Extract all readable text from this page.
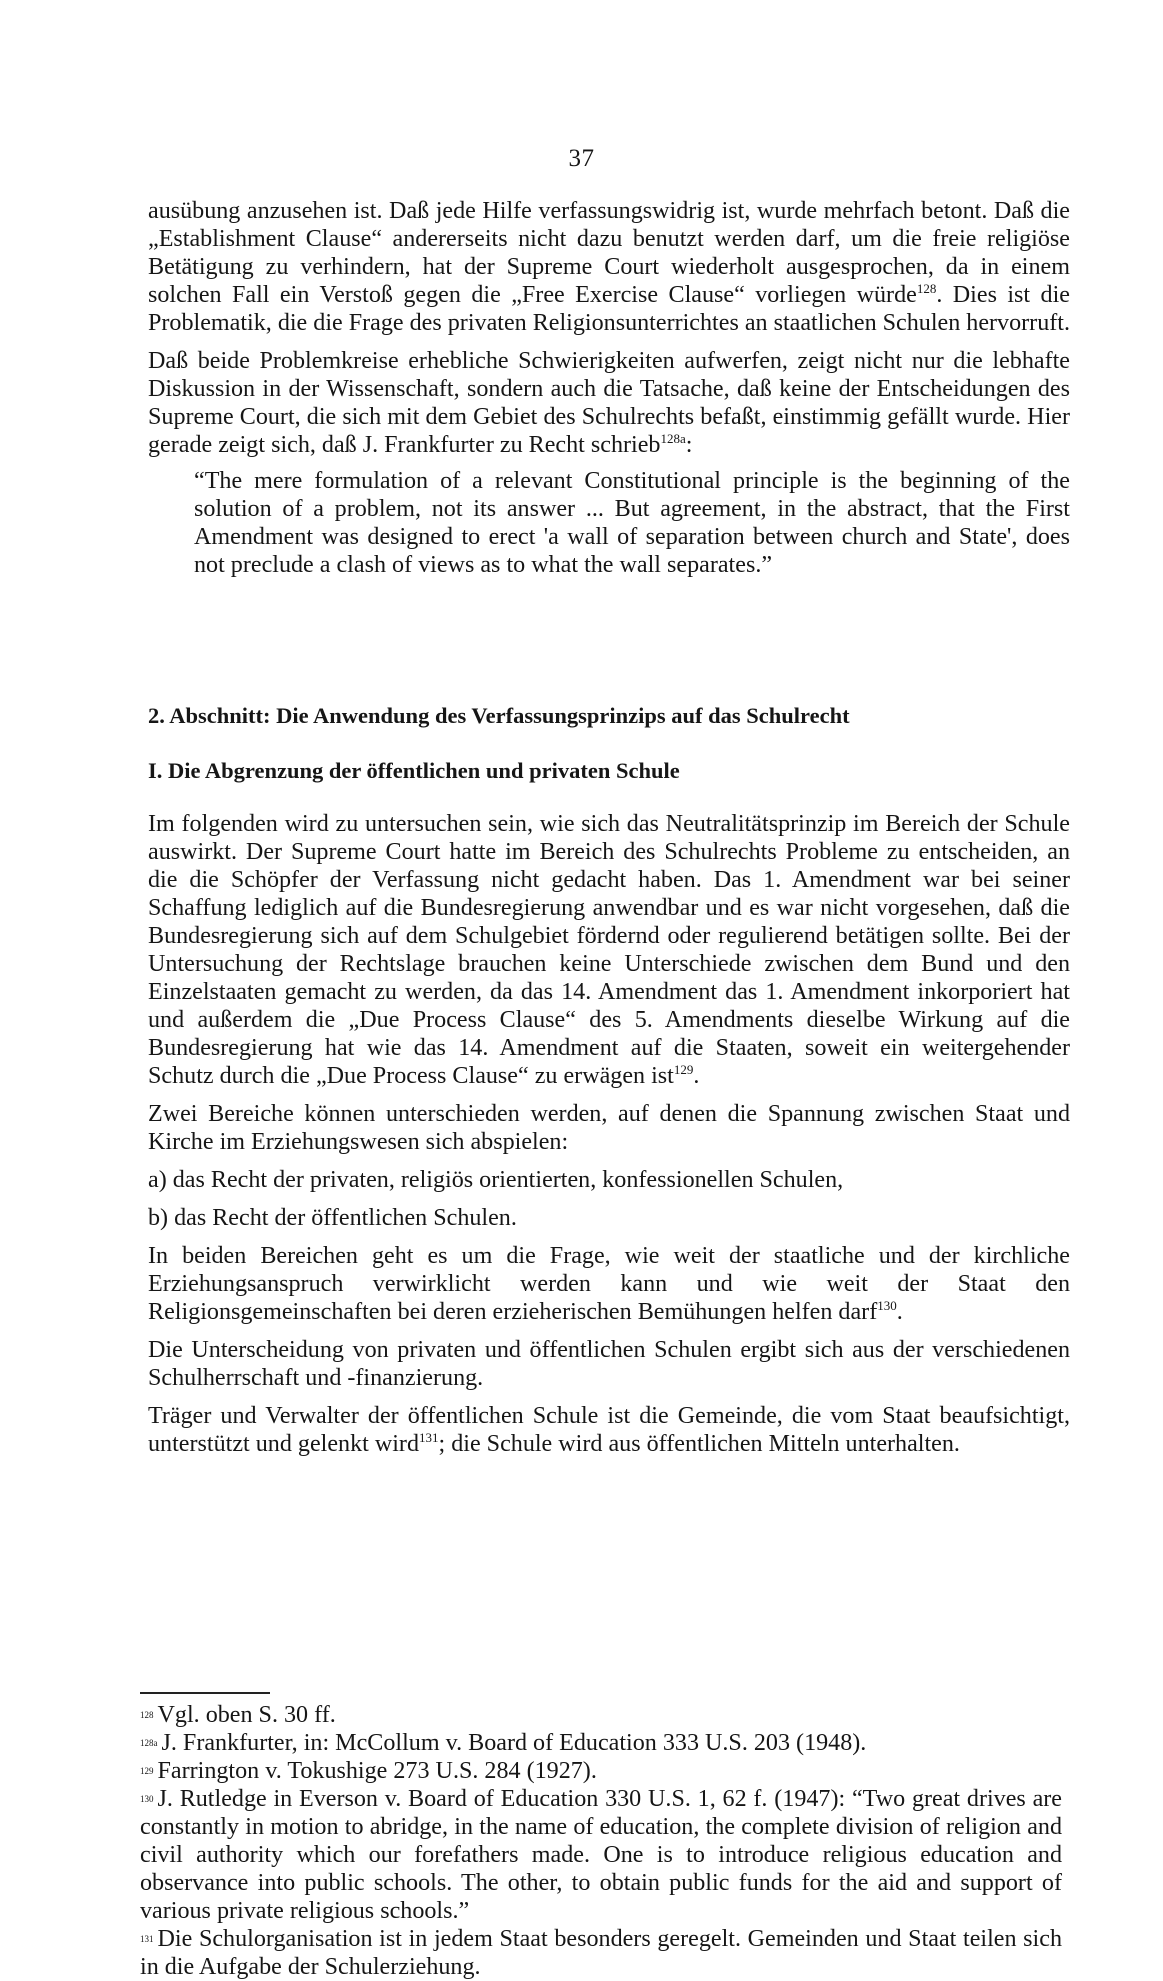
37

ausübung anzusehen ist. Daß jede Hilfe verfassungswidrig ist, wurde mehrfach betont. Daß die „Establishment Clause“ andererseits nicht dazu benutzt werden darf, um die freie religiöse Betätigung zu verhindern, hat der Supreme Court wiederholt ausgesprochen, da in einem solchen Fall ein Verstoß gegen die „Free Exercise Clause“ vorliegen würde$^{128}$. Dies ist die Problematik, die die Frage des privaten Religionsunterrichtes an staatlichen Schulen hervorruft.

Daß beide Problemkreise erhebliche Schwierigkeiten aufwerfen, zeigt nicht nur die lebhafte Diskussion in der Wissenschaft, sondern auch die Tatsache, daß keine der Entscheidungen des Supreme Court, die sich mit dem Gebiet des Schulrechts befaßt, einstimmig gefällt wurde. Hier gerade zeigt sich, daß J. Frankfurter zu Recht schrieb$^{128a}$:

“The mere formulation of a relevant Constitutional principle is the beginning of the solution of a problem, not its answer ... But agreement, in the abstract, that the First Amendment was designed to erect 'a wall of separation between church and State', does not preclude a clash of views as to what the wall separates.”
2. Abschnitt: Die Anwendung des Verfassungsprinzips auf das Schulrecht
I. Die Abgrenzung der öffentlichen und privaten Schule

Im folgenden wird zu untersuchen sein, wie sich das Neutralitätsprinzip im Bereich der Schule auswirkt. Der Supreme Court hatte im Bereich des Schulrechts Probleme zu entscheiden, an die die Schöpfer der Verfassung nicht gedacht haben. Das 1. Amendment war bei seiner Schaffung lediglich auf die Bundesregierung anwendbar und es war nicht vorgesehen, daß die Bundesregierung sich auf dem Schulgebiet fördernd oder regulierend betätigen sollte. Bei der Untersuchung der Rechtslage brauchen keine Unterschiede zwischen dem Bund und den Einzelstaaten gemacht zu werden, da das 14. Amendment das 1. Amendment inkorporiert hat und außerdem die „Due Process Clause“ des 5. Amendments dieselbe Wirkung auf die Bundesregierung hat wie das 14. Amendment auf die Staaten, soweit ein weitergehender Schutz durch die „Due Process Clause“ zu erwägen ist$^{129}$.

Zwei Bereiche können unterschieden werden, auf denen die Spannung zwischen Staat und Kirche im Erziehungswesen sich abspielen:

a) das Recht der privaten, religiös orientierten, konfessionellen Schulen,

b) das Recht der öffentlichen Schulen.

In beiden Bereichen geht es um die Frage, wie weit der staatliche und der kirchliche Erziehungsanspruch verwirklicht werden kann und wie weit der Staat den Religionsgemeinschaften bei deren erzieherischen Bemühungen helfen darf$^{130}$.

Die Unterscheidung von privaten und öffentlichen Schulen ergibt sich aus der verschiedenen Schulherrschaft und -finanzierung.

Träger und Verwalter der öffentlichen Schule ist die Gemeinde, die vom Staat beaufsichtigt, unterstützt und gelenkt wird$^{131}$; die Schule wird aus öffentlichen Mitteln unterhalten.

128 Vgl. oben S. 30 ff.

128a J. Frankfurter, in: McCollum v. Board of Education 333 U.S. 203 (1948).

129 Farrington v. Tokushige 273 U.S. 284 (1927).

130 J. Rutledge in Everson v. Board of Education 330 U.S. 1, 62 f. (1947): “Two great drives are constantly in motion to abridge, in the name of education, the complete division of religion and civil authority which our forefathers made. One is to introduce religious education and observance into public schools. The other, to obtain public funds for the aid and support of various private religious schools.”

131 Die Schulorganisation ist in jedem Staat besonders geregelt. Gemeinden und Staat teilen sich in die Aufgabe der Schulerziehung.
